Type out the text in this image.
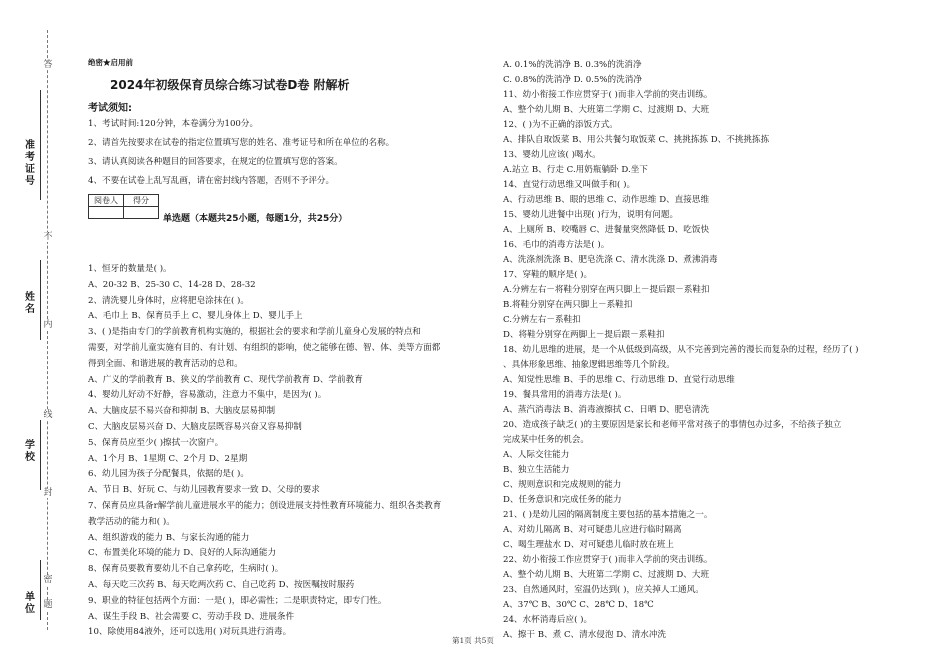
答
不
内
线
封
密
题
准考证号
姓名
学校
单位
绝密★启用前
2024年初级保育员综合练习试卷D卷 附解析
考试须知:
1、考试时间:120分钟，本卷满分为100分。
2、请首先按要求在试卷的指定位置填写您的姓名、准考证号和所在单位的名称。
3、请认真阅读各种题目的回答要求，在规定的位置填写您的答案。
4、不要在试卷上乱写乱画，请在密封线内答题，否则不予评分。
阅卷人	得分

单选题（本题共25小题，每题1分，共25分）
1、恒牙的数量是( )。
A、20-32 B、25-30 C、14-28 D、28-32
2、清洗婴儿身体时，应将肥皂涂抹在( )。
A、毛巾上 B、保育员手上 C、婴儿身体上 D、婴儿手上
3、( )是指由专门的学前教育机构实施的，根据社会的要求和学前儿童身心发展的特点和
需要，对学前儿童实施有目的、有计划、有组织的影响，使之能够在德、智、体、美等方面都
得到全面、和谐进展的教育活动的总和。
A、广义的学前教育 B、狭义的学前教育 C、现代学前教育 D、学前教育
4、婴幼儿好动不好静，容易激动，注意力不集中，是因为( )。
A、大脑皮层不易兴奋和抑制 B、大脑皮层易抑制
C、大脑皮层易兴奋 D、大脑皮层既容易兴奋又容易抑制
5、保育员应至少( )擦拭一次窗户。
A、1个月 B、1星期 C、2个月 D、2星期
6、幼儿园为孩子分配餐具，依据的是( )。
A、节日 B、好玩 C、与幼儿园教育要求一致 D、父母的要求
7、保育员应具备r解学前儿童进展水平的能力；创设进展支持性教育环境能力、组织各类教育
教学活动的能力和( )。
A、组织游戏的能力 B、与家长沟通的能力
C、布置美化环境的能力 D、良好的人际沟通能力
8、保育员要教育要幼儿不自己拿药吃，生病时( )。
A、每天吃三次药 B、每天吃两次药 C、自己吃药 D、按医嘱按时服药
9、职业的特征包括两个方面：一是( )，即必需性；二是职责特定，即专门性。
A、谋生手段 B、社会需要 C、劳动手段 D、进展条件
10、除使用84液外，还可以选用( )对玩具进行消毒。
A. 0.1%的洗消净 B. 0.3%的洗消净
C. 0.8%的洗消净 D. 0.5%的洗消净
11、幼小衔接工作应贯穿于( )而非入学前的突击训练。
A、整个幼儿期 B、大班第二学期 C、过渡期 D、大班
12、( )为不正确的添饭方式。
A、排队自取饭菜 B、用公共餐匀取饭菜 C、挑挑拣拣 D、不挑挑拣拣
13、婴幼儿应该( )喝水。
A.站立 B、行走 C.用奶瓶躺卧 D.坐下
14、直觉行动思维又叫做手和( )。
A、行动思维 B、眼的思维 C、动作思维 D、直接思维
15、婴幼儿进餐中出现( )行为，说明有问题。
A、上厕所 B、咬嘴唇 C、进餐量突然降低 D、吃饭快
16、毛巾的消毒方法是( )。
A、洗涤剂洗涤 B、肥皂洗涤 C、清水洗涤 D、煮沸消毒
17、穿鞋的顺序是( )。
A.分辨左右－将鞋分别穿在两只脚上－提后跟－系鞋扣
B.将鞋分别穿在两只脚上－系鞋扣
C.分辨左右－系鞋扣
D、将鞋分别穿在两脚上－提后跟－系鞋扣
18、幼儿思维的进展，是一个从低级到高级，从不完善到完善的漫长而复杂的过程，经历了( )
、具体形象思维、抽象逻辑思维等几个阶段。
A、知觉性思维 B、手的思维 C、行动思维 D、直觉行动思维
19、餐具常用的消毒方法是( )。
A、蒸汽消毒法 B、消毒液擦拭 C、日晒 D、肥皂清洗
20、造成孩子缺乏( )的主要原因是家长和老师平常对孩子的事情包办过多，不给孩子独立
完成某中任务的机会。
A、人际交往能力
B、独立生活能力
C、规则意识和完成规则的能力
D、任务意识和完成任务的能力
21、( )是幼儿园的隔离制度主要包括的基本措施之一。
A、对幼儿隔离 B、对可疑患儿应进行临时隔离
C、喝生理盐水 D、对可疑患儿临时放在班上
22、幼小衔接工作应贯穿于( )而非入学前的突击训练。
A、整个幼儿期 B、大班第二学期 C、过渡期 D、大班
23、自然通风时，室温仍达到( )，应关掉人工通风。
A、37℃ B、30℃ C、28℃ D、18℃
24、水杯消毒后应( )。
A、擦干 B、煮 C、清水侵泡 D、清水冲洗
第1页 共5页
